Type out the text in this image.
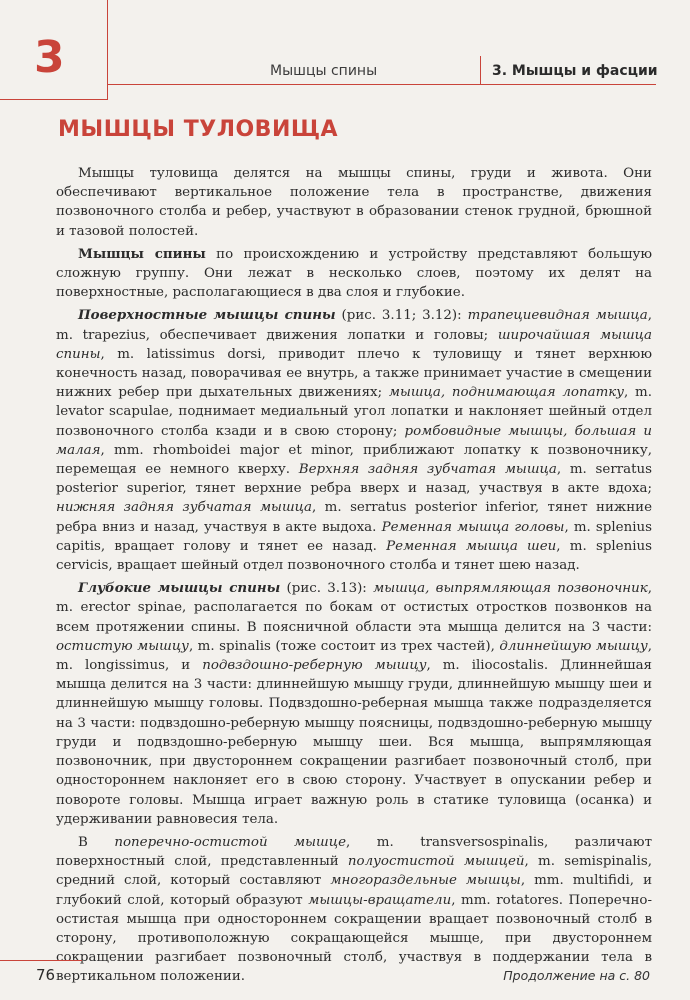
3	Мышцы спины	3. Мышцы и фасции
МЫШЦЫ ТУЛОВИЩА

Мышцы туловища делятся на мышцы спины, груди и живота. Они обеспечивают вертикальное положение тела в пространстве, движения позвоночного столба и ребер, участвуют в образовании стенок грудной, брюшной и тазовой полостей.

Мышцы спины по происхождению и устройству представляют большую сложную группу. Они лежат в несколько слоев, поэтому их делят на поверхностные, располагающиеся в два слоя и глубокие.

Поверхностные мышцы спины (рис. 3.11; 3.12): трапециевидная мышца, m. trapezius, обеспечивает движения лопатки и головы; широчайшая мышца спины, m. latissimus dorsi, приводит плечо к туловищу и тянет верхнюю конечность назад, поворачивая ее внутрь, а также принимает участие в смещении нижних ребер при дыхательных движениях; мышца, поднимающая лопатку, m. levator scapulae, поднимает медиальный угол лопатки и наклоняет шейный отдел позвоночного столба кзади и в свою сторону; ромбовидные мышцы, большая и малая, mm. rhomboidei major et minor, приближают лопатку к позвоночнику, перемещая ее немного кверху. Верхняя задняя зубчатая мышца, m. serratus posterior superior, тянет верхние ребра вверх и назад, участвуя в акте вдоха; нижняя задняя зубчатая мышца, m. serratus posterior inferior, тянет нижние ребра вниз и назад, участвуя в акте выдоха. Ременная мышца головы, m. splenius capitis, вращает голову и тянет ее назад. Ременная мышца шеи, m. splenius cervicis, вращает шейный отдел позвоночного столба и тянет шею назад.

Глубокие мышцы спины (рис. 3.13): мышца, выпрямляющая позвоночник, m. erector spinae, располагается по бокам от остистых отростков позвонков на всем протяжении спины. В поясничной области эта мышца делится на 3 части: остистую мышцу, m. spinalis (тоже состоит из трех частей), длиннейшую мышцу, m. longissimus, и подвздошно-реберную мышцу, m. iliocostalis. Длиннейшая мышца делится на 3 части: длиннейшую мышцу груди, длиннейшую мышцу шеи и длиннейшую мышцу головы. Подвздошно-реберная мышца также подразделяется на 3 части: подвздошно-реберную мышцу поясницы, подвздошно-реберную мышцу груди и подвздошно-реберную мышцу шеи. Вся мышца, выпрямляющая позвоночник, при двустороннем сокращении разгибает позвоночный столб, при одностороннем наклоняет его в свою сторону. Участвует в опускании ребер и повороте головы. Мышца играет важную роль в статике туловища (осанка) и удерживании равновесия тела.

В поперечно-остистой мышце, m. transversospinalis, различают поверхностный слой, представленный полуостистой мышцей, m. semispinalis, средний слой, который составляют многораздельные мышцы, mm. multifidi, и глубокий слой, который образуют мышцы-вращатели, mm. rotatores. Поперечно-остистая мышца при одностороннем сокращении вращает позвоночный столб в сторону, противоположную сокращающейся мышце, при двустороннем сокращении разгибает позвоночный столб, участвуя в поддержании тела в вертикальном положении.

76	Продолжение на с. 80
